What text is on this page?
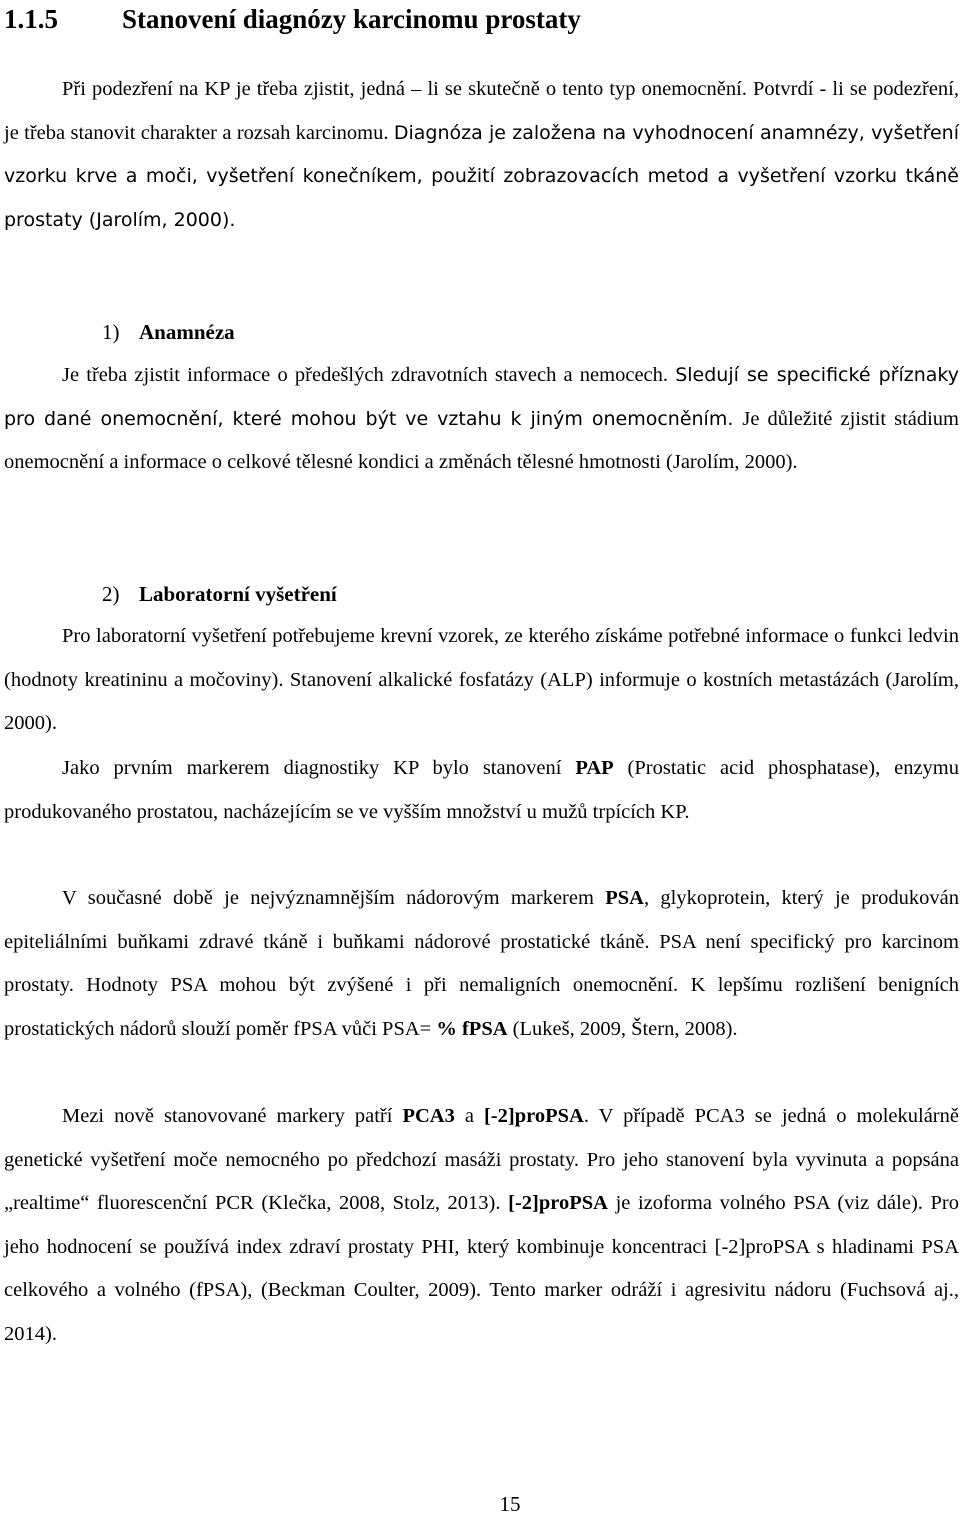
1.1.5 Stanovení diagnózy karcinomu prostaty

Při podezření na KP je třeba zjistit, jedná – li se skutečně o tento typ onemocnění. Potvrdí - li se podezření, je třeba stanovit charakter a rozsah karcinomu. Diagnóza je založena na vyhodnocení anamnézy, vyšetření vzorku krve a moči, vyšetření konečníkem, použití zobrazovacích metod a vyšetření vzorku tkáně prostaty (Jarolím, 2000).

1) Anamnéza

Je třeba zjistit informace o předešlých zdravotních stavech a nemocech. Sledují se specifické příznaky pro dané onemocnění, které mohou být ve vztahu k jiným onemocněním. Je důležité zjistit stádium onemocnění a informace o celkové tělesné kondici a změnách tělesné hmotnosti (Jarolím, 2000).

2) Laboratorní vyšetření

Pro laboratorní vyšetření potřebujeme krevní vzorek, ze kterého získáme potřebné informace o funkci ledvin (hodnoty kreatininu a močoviny). Stanovení alkalické fosfatázy (ALP) informuje o kostních metastázách (Jarolím, 2000).

Jako prvním markerem diagnostiky KP bylo stanovení PAP (Prostatic acid phosphatase), enzymu produkovaného prostatou, nacházejícím se ve vyšším množství u mužů trpících KP.

V současné době je nejvýznamnějším nádorovým markerem PSA, glykoprotein, který je produkován epiteliálními buňkami zdravé tkáně i buňkami nádorové prostatické tkáně. PSA není specifický pro karcinom prostaty. Hodnoty PSA mohou být zvýšené i při nemaligních onemocnění. K lepšímu rozlišení benigních prostatických nádorů slouží poměr fPSA vůči PSA= % fPSA (Lukeš, 2009, Štern, 2008).

Mezi nově stanovované markery patří PCA3 a [-2]proPSA. V případě PCA3 se jedná o molekulárně genetické vyšetření moče nemocného po předchozí masáži prostaty. Pro jeho stanovení byla vyvinuta a popsána „realtime“ fluorescenční PCR (Klečka, 2008, Stolz, 2013). [-2]proPSA je izoforma volného PSA (viz dále). Pro jeho hodnocení se používá index zdraví prostaty PHI, který kombinuje koncentraci [-2]proPSA s hladinami PSA celkového a volného (fPSA), (Beckman Coulter, 2009). Tento marker odráží i agresivitu nádoru (Fuchsová aj., 2014).

15
